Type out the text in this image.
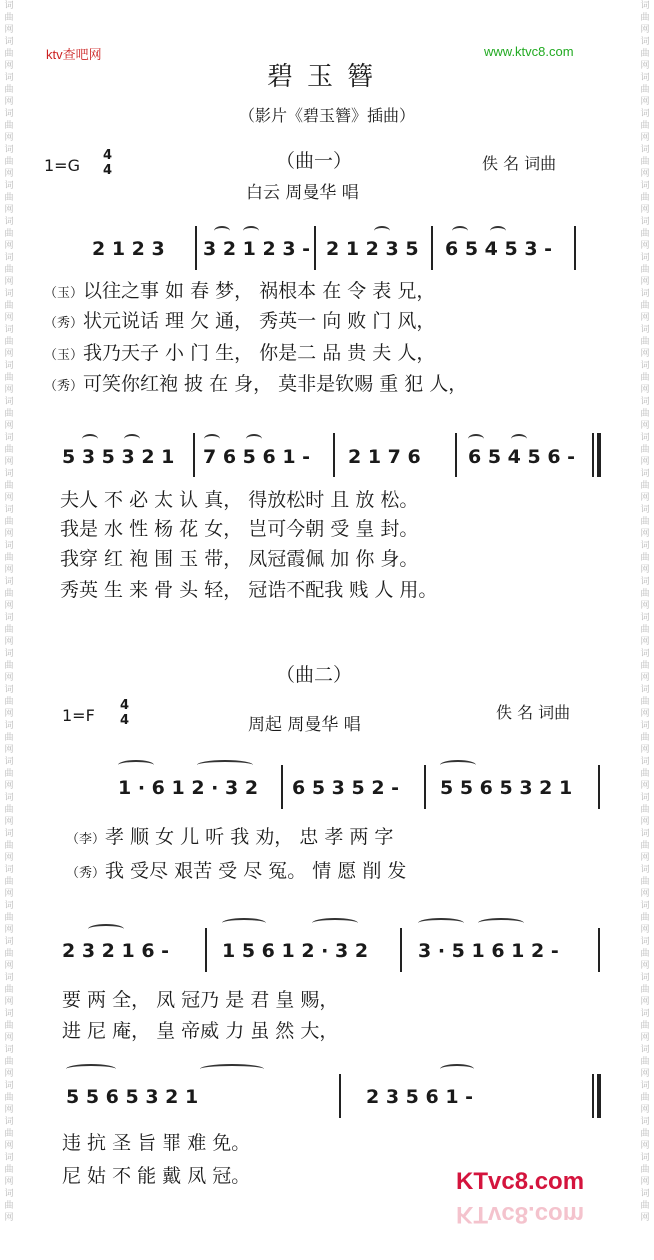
词
曲
网
词
曲
网
词
曲
网
词
曲
网
词
曲
网
词
曲
网
词
曲
网
词
曲
网
词
曲
网
词
曲
网
词
曲
网
词
曲
网
词
曲
网
词
曲
网
词
曲
网
词
曲
网
词
曲
网
词
曲
网
词
曲
网
词
曲
网
词
曲
网
词
曲
网
词
曲
网
词
曲
网
词
曲
网
词
曲
网
词
曲
网
词
曲
网
词
曲
网
词
曲
网
词
曲
网
词
曲
网
词
曲
网
词
曲
网
词
曲
网
词
曲
网
词
曲
网
词
曲
网
词
曲
网
词
曲
网
词
曲
网
词
曲
网
词
曲
网
词
曲
网
词
曲
网
词
曲
网
词
曲
网
词
曲
网
词
曲
网
词
曲
网
词
曲
网
词
曲
网
词
曲
网
词
曲
网
词
曲
网
词
曲
网
词
曲
网
词
曲
网
词
曲
网
词
曲
网
词
曲
网
词
曲
网
词
曲
网
词
曲
网
词
曲
网
词
曲
网
词
曲
网
词
曲
网
ktv查吧网	www.ktvc8.com
碧玉簪
（影片《碧玉簪》插曲）
（曲一）
1=G
4
4	佚 名 词曲
白云 周曼华 唱
2 1 2 3 3 2 1 2 3 - 2 1 2 3 5 6 5 4 5 3 -
（玉）以往之事 如 春 梦， 祸根本 在 令 表 兄，
（秀）状元说话 理 欠 通， 秀英一 向 败 门 风，
（玉）我乃天子 小 门 生， 你是二 品 贵 夫 人，
（秀）可笑你红袍 披 在 身， 莫非是钦赐 重 犯 人，
5 3 5 3 2 1 7 6 5 6 1 - 2 1 7 6 6 5 4 5 6 -
夫人 不 必 太 认 真， 得放松时 且 放 松。
我是 水 性 杨 花 女， 岂可今朝 受 皇 封。
我穿 红 袍 围 玉 带， 凤冠霞佩 加 你 身。
秀英 生 来 骨 头 轻， 冠诰不配我 贱 人 用。
（曲二）
1=F
4
4	佚 名 词曲
周起 周曼华 唱
1 · 6 1 2 · 3 2 6 5 3 5 2 - 5 5 6 5 3 2 1
（李）孝 顺 女 儿 听 我 劝， 忠 孝 两 字
（秀）我 受尽 艰苦 受 尽 冤。 情 愿 削 发
2 3 2 1 6 -	1 5 6 1 2 · 3 2	3 · 5 1 6 1 2 -
要 两 全， 凤 冠乃 是 君 皇 赐，
进 尼 庵， 皇 帝威 力 虽 然 大，
5 5 6 5 3 2 1	2 3 5 6 1 -
违 抗 圣 旨 罪 难 免。
尼 姑 不 能 戴 凤 冠。	KTvc8.com
KTvc8.com
